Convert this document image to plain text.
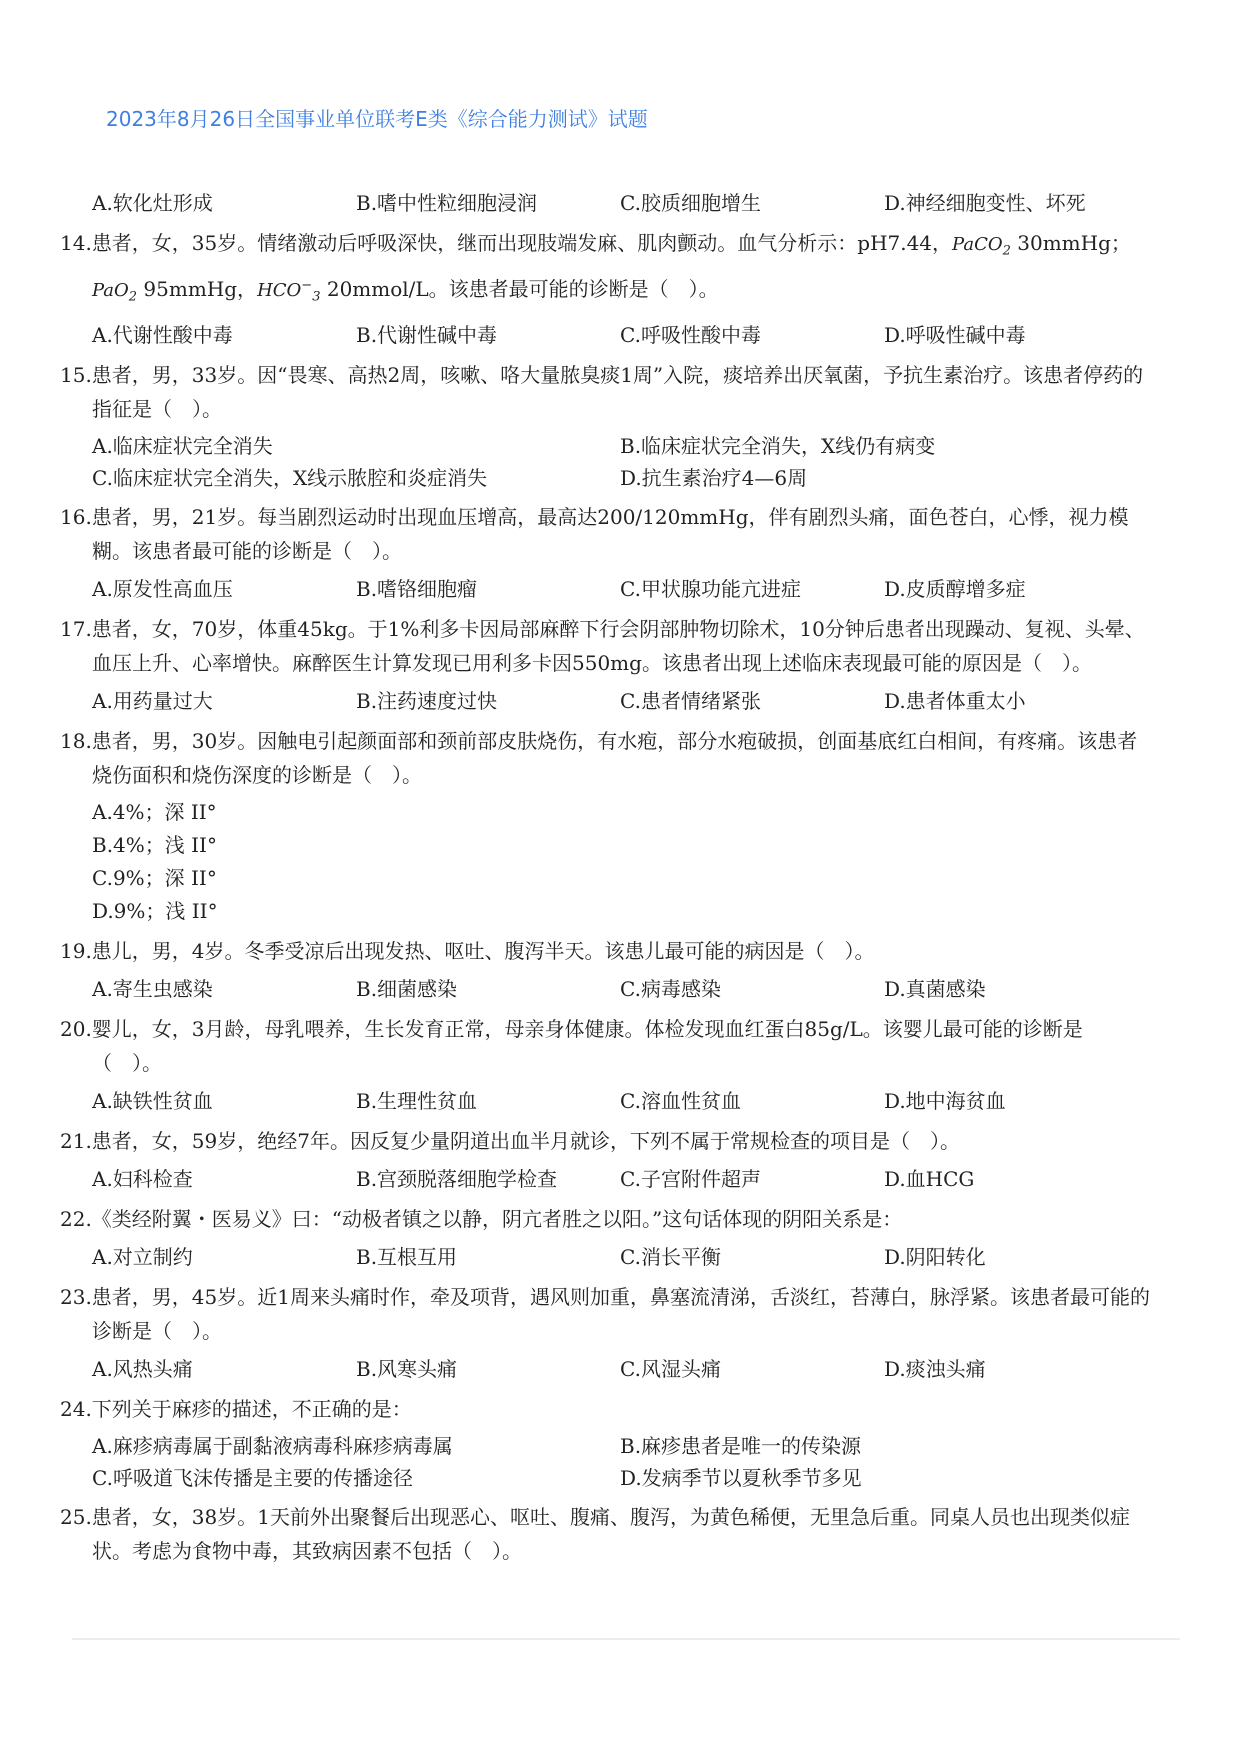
2023年8月26日全国事业单位联考E类《综合能力测试》试题
A.软化灶形成	B.嗜中性粒细胞浸润	C.胶质细胞增生	D.神经细胞变性、坏死
14.患者，女，35岁。情绪激动后呼吸深快，继而出现肢端发麻、肌肉颤动。血气分析示：pH7.44，PaCO$_2$ 30mmHg；PaO$_2$ 95mmHg，$HCO^-_3$ 20mmol/L。该患者最可能的诊断是（　）。
A.代谢性酸中毒	B.代谢性碱中毒	C.呼吸性酸中毒	D.呼吸性碱中毒
15.患者，男，33岁。因“畏寒、高热2周，咳嗽、咯大量脓臭痰1周”入院，痰培养出厌氧菌，予抗生素治疗。该患者停药的指征是（　）。
A.临床症状完全消失	B.临床症状完全消失，X线仍有病变
C.临床症状完全消失，X线示脓腔和炎症消失	D.抗生素治疗4—6周
16.患者，男，21岁。每当剧烈运动时出现血压增高，最高达200/120mmHg，伴有剧烈头痛，面色苍白，心悸，视力模糊。该患者最可能的诊断是（　）。
A.原发性高血压	B.嗜铬细胞瘤	C.甲状腺功能亢进症	D.皮质醇增多症
17.患者，女，70岁，体重45kg。于1%利多卡因局部麻醉下行会阴部肿物切除术，10分钟后患者出现躁动、复视、头晕、血压上升、心率增快。麻醉医生计算发现已用利多卡因550mg。该患者出现上述临床表现最可能的原因是（　）。
A.用药量过大	B.注药速度过快	C.患者情绪紧张	D.患者体重太小
18.患者，男，30岁。因触电引起颜面部和颈前部皮肤烧伤，有水疱，部分水疱破损，创面基底红白相间，有疼痛。该患者烧伤面积和烧伤深度的诊断是（　）。
A.4%；深 II°
B.4%；浅 II°
C.9%；深 II°
D.9%；浅 II°
19.患儿，男，4岁。冬季受凉后出现发热、呕吐、腹泻半天。该患儿最可能的病因是（　）。
A.寄生虫感染	B.细菌感染	C.病毒感染	D.真菌感染
20.婴儿，女，3月龄，母乳喂养，生长发育正常，母亲身体健康。体检发现血红蛋白85g/L。该婴儿最可能的诊断是（　）。
A.缺铁性贫血	B.生理性贫血	C.溶血性贫血	D.地中海贫血
21.患者，女，59岁，绝经7年。因反复少量阴道出血半月就诊，下列不属于常规检查的项目是（　）。
A.妇科检查	B.宫颈脱落细胞学检查	C.子宫附件超声	D.血HCG
22.《类经附翼・医易义》曰：“动极者镇之以静，阴亢者胜之以阳。”这句话体现的阴阳关系是：
A.对立制约	B.互根互用	C.消长平衡	D.阴阳转化
23.患者，男，45岁。近1周来头痛时作，牵及项背，遇风则加重，鼻塞流清涕，舌淡红，苔薄白，脉浮紧。该患者最可能的诊断是（　）。
A.风热头痛	B.风寒头痛	C.风湿头痛	D.痰浊头痛
24.下列关于麻疹的描述，不正确的是：
A.麻疹病毒属于副黏液病毒科麻疹病毒属	B.麻疹患者是唯一的传染源
C.呼吸道飞沫传播是主要的传播途径	D.发病季节以夏秋季节多见
25.患者，女，38岁。1天前外出聚餐后出现恶心、呕吐、腹痛、腹泻，为黄色稀便，无里急后重。同桌人员也出现类似症状。考虑为食物中毒，其致病因素不包括（　）。
